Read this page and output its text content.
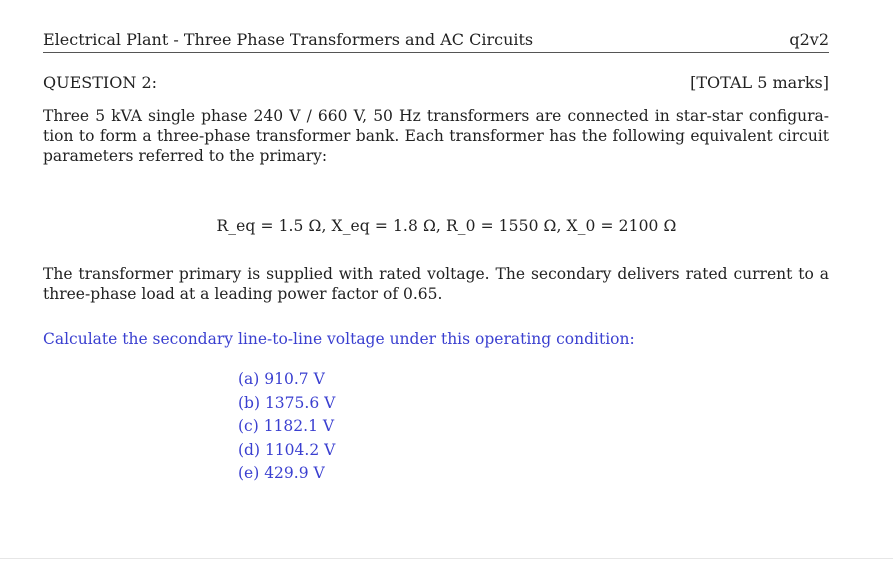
Electrical Plant - Three Phase Transformers and AC Circuits	q2v2
QUESTION 2:	[TOTAL 5 marks]
Three 5 kVA single phase 240 V / 660 V, 50 Hz transformers are connected in star-star configura- tion to form a three-phase transformer bank. Each transformer has the following equivalent circuit parameters referred to the primary:
R_eq = 1.5 Ω, X_eq = 1.8 Ω, R_0 = 1550 Ω, X_0 = 2100 Ω
The transformer primary is supplied with rated voltage. The secondary delivers rated current to a three-phase load at a leading power factor of 0.65.
Calculate the secondary line-to-line voltage under this operating condition:
(a) 910.7 V
(b) 1375.6 V
(c) 1182.1 V
(d) 1104.2 V
(e) 429.9 V
